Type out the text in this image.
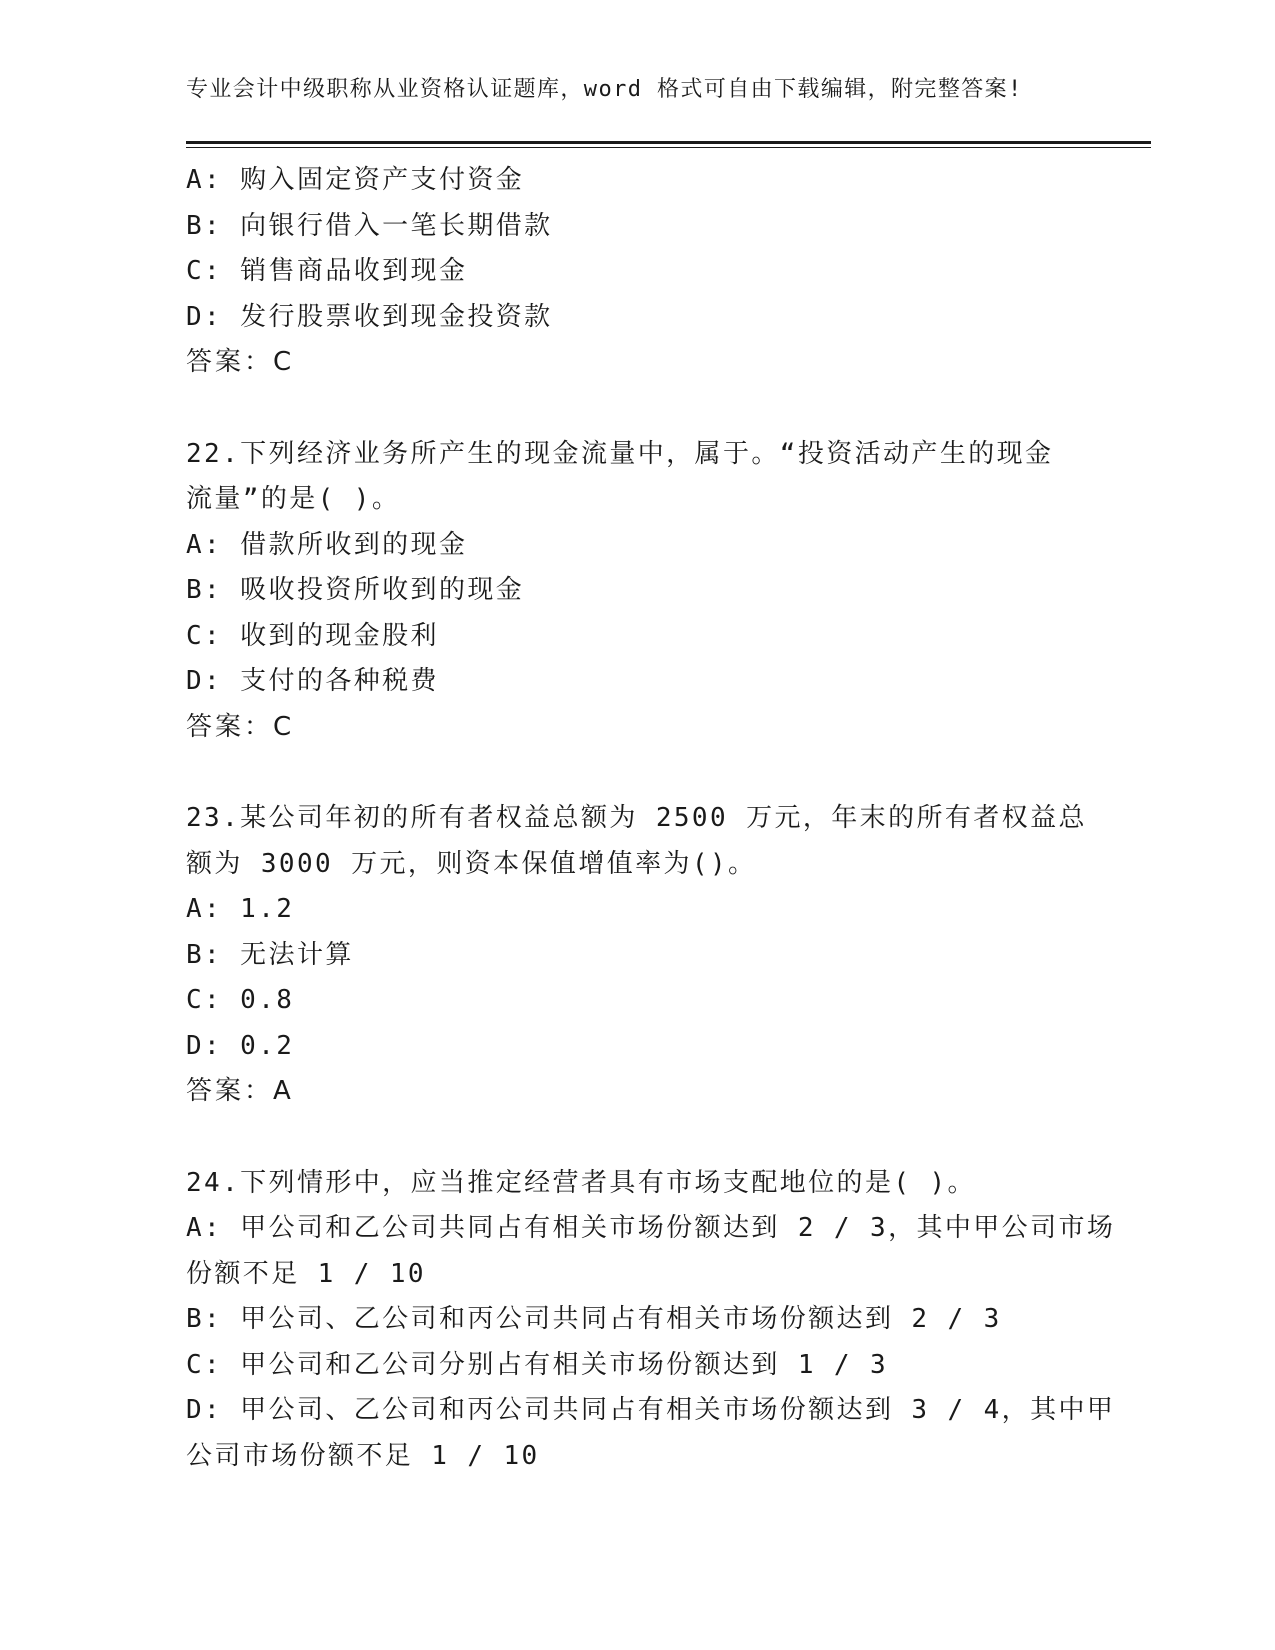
专业会计中级职称从业资格认证题库，word 格式可自由下载编辑，附完整答案!
A: 购入固定资产支付资金
B: 向银行借入一笔长期借款
C: 销售商品收到现金
D: 发行股票收到现金投资款
答案：C
22.下列经济业务所产生的现金流量中，属于。“投资活动产生的现金
流量”的是( )。
A: 借款所收到的现金
B: 吸收投资所收到的现金
C: 收到的现金股利
D: 支付的各种税费
答案：C
23.某公司年初的所有者权益总额为 2500 万元，年末的所有者权益总
额为 3000 万元，则资本保值增值率为()。
A: 1.2
B: 无法计算
C: 0.8
D: 0.2
答案：A
24.下列情形中，应当推定经营者具有市场支配地位的是( )。
A: 甲公司和乙公司共同占有相关市场份额达到 2 / 3，其中甲公司市场
份额不足 1 / 10
B: 甲公司、乙公司和丙公司共同占有相关市场份额达到 2 / 3
C: 甲公司和乙公司分别占有相关市场份额达到 1 / 3
D: 甲公司、乙公司和丙公司共同占有相关市场份额达到 3 / 4，其中甲
公司市场份额不足 1 / 10
